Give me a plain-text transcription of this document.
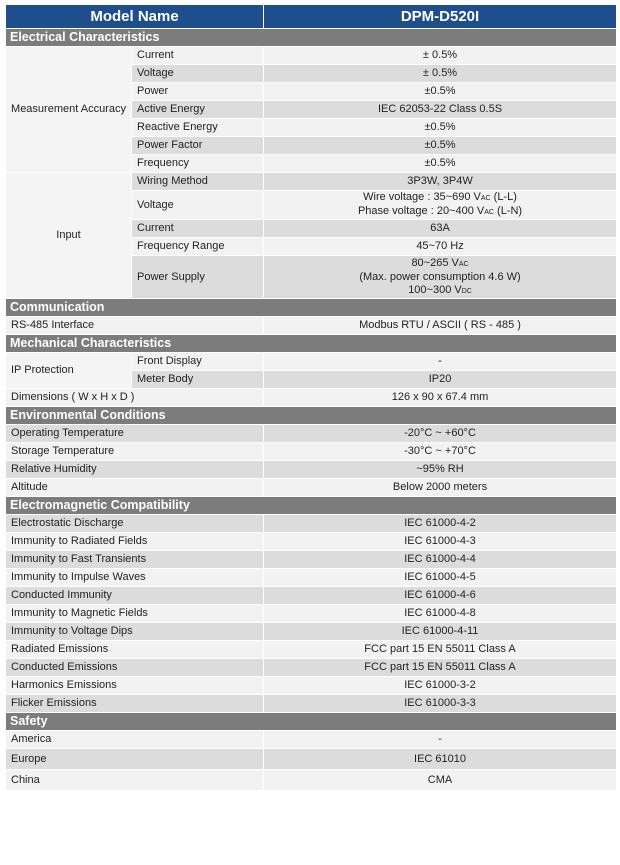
Model Name		DPM-D520I
Electrical Characteristics		
Measurement Accuracy	Current	± 0.5%
	Voltage	± 0.5%
	Power	±0.5%
	Active Energy	IEC 62053-22 Class 0.5S
	Reactive Energy	±0.5%
	Power Factor	±0.5%
	Frequency	±0.5%
Input	Wiring Method	3P3W, 3P4W
	Voltage	Wire voltage : 35~690 VAC (L-L)
Phase voltage : 20~400 VAC (L-N)

	Current	63A
	Frequency Range	45~70 Hz
	Power Supply	80~265 VAC
(Max. power consumption 4.6 W)
100~300 VDC

Communication		
RS-485 Interface		Modbus RTU / ASCII ( RS - 485 )
Mechanical Characteristics		
IP Protection	Front Display	-
	Meter Body	IP20
Dimensions ( W x H x D )		126 x 90 x 67.4 mm
Environmental Conditions		
Operating Temperature		-20°C ~ +60°C
Storage Temperature		-30°C ~ +70°C
Relative Humidity		~95% RH
Altitude		Below 2000 meters
Electromagnetic Compatibility		
Electrostatic Discharge		IEC 61000-4-2
Immunity to Radiated Fields		IEC 61000-4-3
Immunity to Fast Transients		IEC 61000-4-4
Immunity to Impulse Waves		IEC 61000-4-5
Conducted Immunity		IEC 61000-4-6
Immunity to Magnetic Fields		IEC 61000-4-8
Immunity to Voltage Dips		IEC 61000-4-11
Radiated Emissions		FCC part 15 EN 55011 Class A
Conducted Emissions		FCC part 15 EN 55011 Class A
Harmonics Emissions		IEC 61000-3-2
Flicker Emissions		IEC 61000-3-3
Safety		
America		-
Europe		IEC 61010
China		CMA
